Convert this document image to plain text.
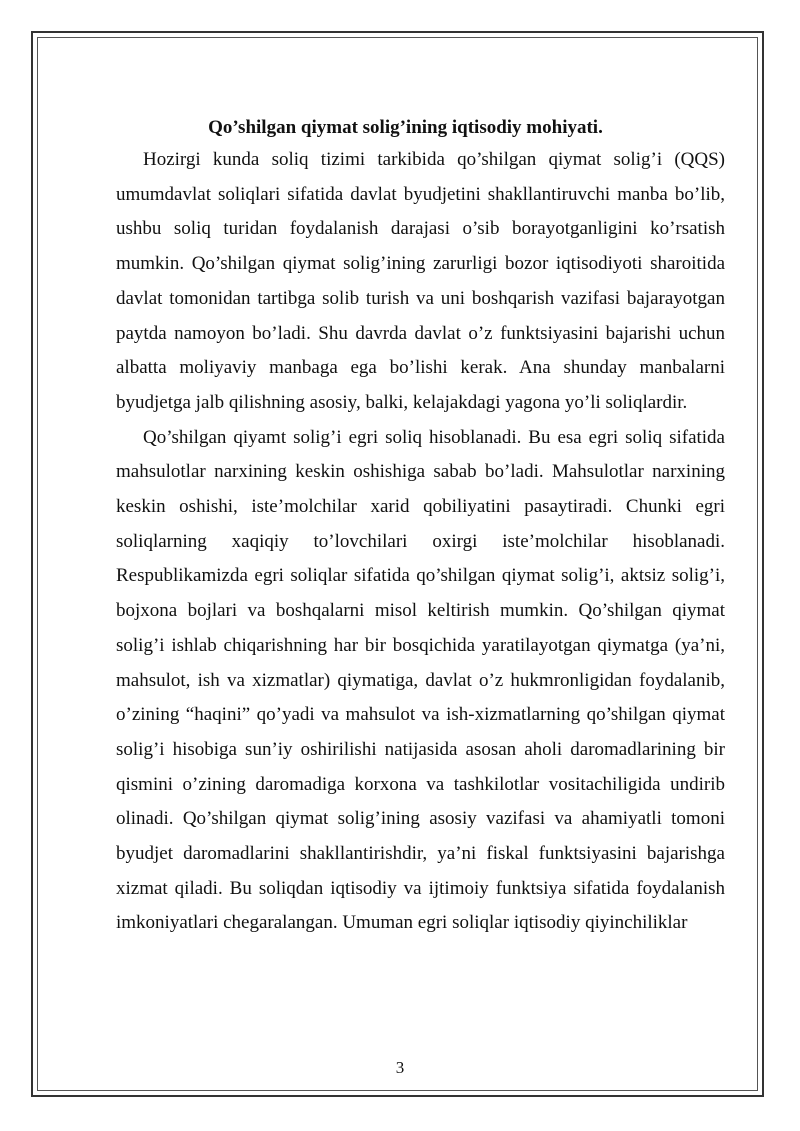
Qo’shilgan qiymat solig’ining iqtisodiy mohiyati.

Hozirgi kunda soliq tizimi tarkibida qo’shilgan qiymat solig’i (QQS) umumdavlat soliqlari sifatida davlat byudjetini shakllantiruvchi manba bo’lib, ushbu soliq turidan foydalanish darajasi o’sib borayotganligini ko’rsatish mumkin. Qo’shilgan qiymat solig’ining zarurligi bozor iqtisodiyoti sharoitida davlat tomonidan tartibga solib turish va uni boshqarish vazifasi bajarayotgan paytda namoyon bo’ladi. Shu davrda davlat o’z funktsiyasini bajarishi uchun albatta moliyaviy manbaga ega bo’lishi kerak. Ana shunday manbalarni byudjetga jalb qilishning asosiy, balki, kelajakdagi yagona yo’li soliqlardir.

Qo’shilgan qiyamt solig’i egri soliq hisoblanadi. Bu esa egri soliq sifatida mahsulotlar narxining keskin oshishiga sabab bo’ladi. Mahsulotlar narxining keskin oshishi, iste’molchilar xarid qobiliyatini pasaytiradi. Chunki egri soliqlarning xaqiqiy to’lovchilari oxirgi iste’molchilar hisoblanadi. Respublikamizda egri soliqlar sifatida qo’shilgan qiymat solig’i, aktsiz solig’i, bojxona bojlari va boshqalarni misol keltirish mumkin. Qo’shilgan qiymat solig’i ishlab chiqarishning har bir bosqichida yaratilayotgan qiymatga (ya’ni, mahsulot, ish va xizmatlar) qiymatiga, davlat o’z hukmronligidan foydalanib, o’zining “haqini” qo’yadi va mahsulot va ish-xizmatlarning qo’shilgan qiymat solig’i hisobiga sun’iy oshirilishi natijasida asosan aholi daromadlarining bir qismini o’zining daromadiga korxona va tashkilotlar vositachiligida undirib olinadi. Qo’shilgan qiymat solig’ining asosiy vazifasi va ahamiyatli tomoni byudjet daromadlarini shakllantirishdir, ya’ni fiskal funktsiyasini bajarishga xizmat qiladi. Bu soliqdan iqtisodiy va ijtimoiy funktsiya sifatida foydalanish imkoniyatlari chegaralangan. Umuman egri soliqlar iqtisodiy qiyinchiliklar

3
